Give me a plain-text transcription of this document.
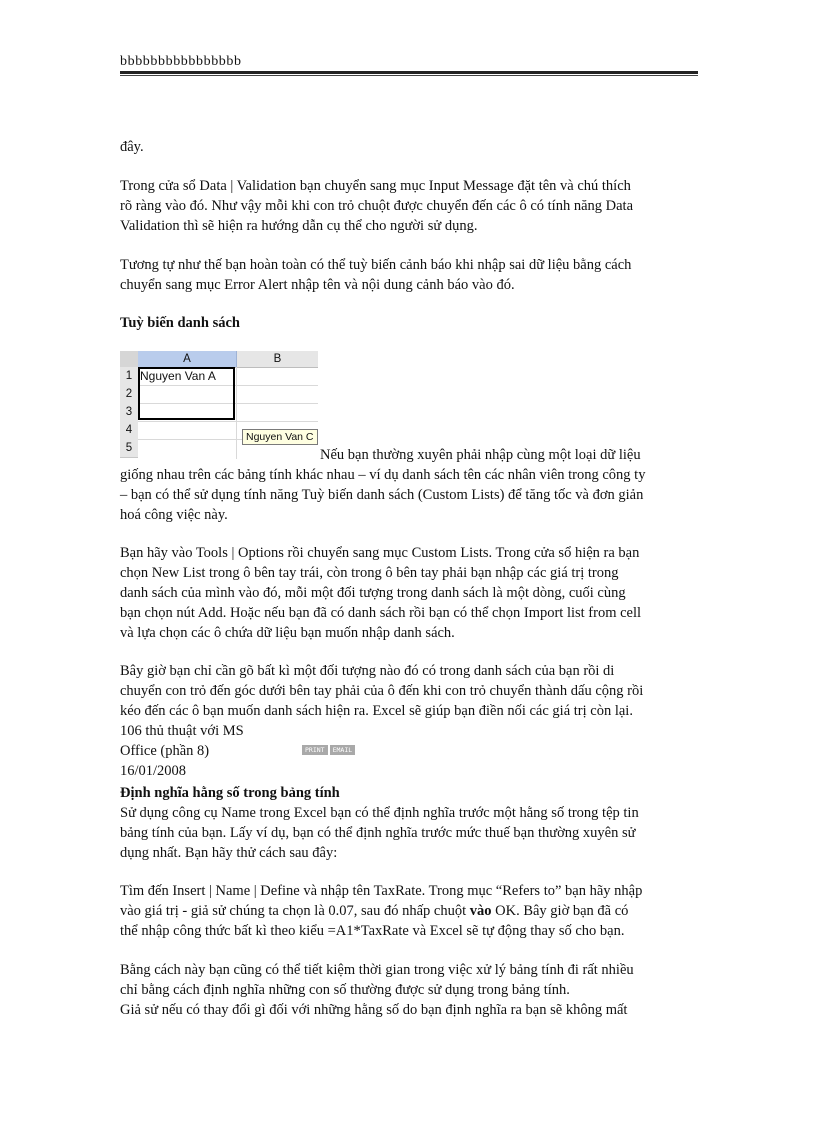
bbbbbbbbbbbbbbbb
đây.
Trong cửa sổ Data | Validation bạn chuyển sang mục Input Message đặt tên và chú thích
rõ ràng vào đó. Như vậy mỗi khi con trỏ chuột được chuyển đến các ô có tính năng Data
Validation thì sẽ hiện ra hướng dẫn cụ thể cho người sử dụng.
Tương tự như thế bạn hoàn toàn có thể tuỳ biến cảnh báo khi nhập sai dữ liệu bằng cách
chuyển sang mục Error Alert nhập tên và nội dung cảnh báo vào đó.
Tuỳ biến danh sách
A	B
1
2
3
4
5
Nguyen Van A
Nguyen Van C
Nếu bạn thường xuyên phải nhập cùng một loại dữ liệu
giống nhau trên các bảng tính khác nhau – ví dụ danh sách tên các nhân viên trong công ty
– bạn có thể sử dụng tính năng Tuỳ biến danh sách (Custom Lists) để tăng tốc và đơn giản
hoá công việc này.
Bạn hãy vào Tools | Options rồi chuyển sang mục Custom Lists. Trong cửa sổ hiện ra bạn
chọn New List trong ô bên tay trái, còn trong ô bên tay phải bạn nhập các giá trị trong
danh sách của mình vào đó, mỗi một đối tượng trong danh sách là một dòng, cuối cùng
bạn chọn nút Add. Hoặc nếu bạn đã có danh sách rồi bạn có thể chọn Import list from cell
và lựa chọn các ô chứa dữ liệu bạn muốn nhập danh sách.
Bây giờ bạn chỉ cần gõ bất kì một đối tượng nào đó có trong danh sách của bạn rồi di
chuyển con trỏ đến góc dưới bên tay phải của ô đến khi con trỏ chuyển thành dấu cộng rồi
kéo đến các ô bạn muốn danh sách hiện ra. Excel sẽ giúp bạn điền nối các giá trị còn lại.
106 thủ thuật với MS
Office (phần 8)
16/01/2008
PRINT EMAIL
Định nghĩa hằng số trong bảng tính
Sử dụng công cụ Name trong Excel bạn có thể định nghĩa trước một hằng số trong tệp tin
bảng tính của bạn. Lấy ví dụ, bạn có thể định nghĩa trước mức thuế bạn thường xuyên sử
dụng nhất. Bạn hãy thử cách sau đây:
Tìm đến Insert | Name | Define và nhập tên TaxRate. Trong mục “Refers to” bạn hãy nhập
vào giá trị - giả sử chúng ta chọn là 0.07, sau đó nhấp chuột vào OK. Bây giờ bạn đã có
thể nhập công thức bất kì theo kiểu =A1*TaxRate và Excel sẽ tự động thay số cho bạn.
Bằng cách này bạn cũng có thể tiết kiệm thời gian trong việc xử lý bảng tính đi rất nhiều
chỉ bằng cách định nghĩa những con số thường được sử dụng trong bảng tính.
Giả sử nếu có thay đổi gì đối với những hằng số do bạn định nghĩa ra bạn sẽ không mất
